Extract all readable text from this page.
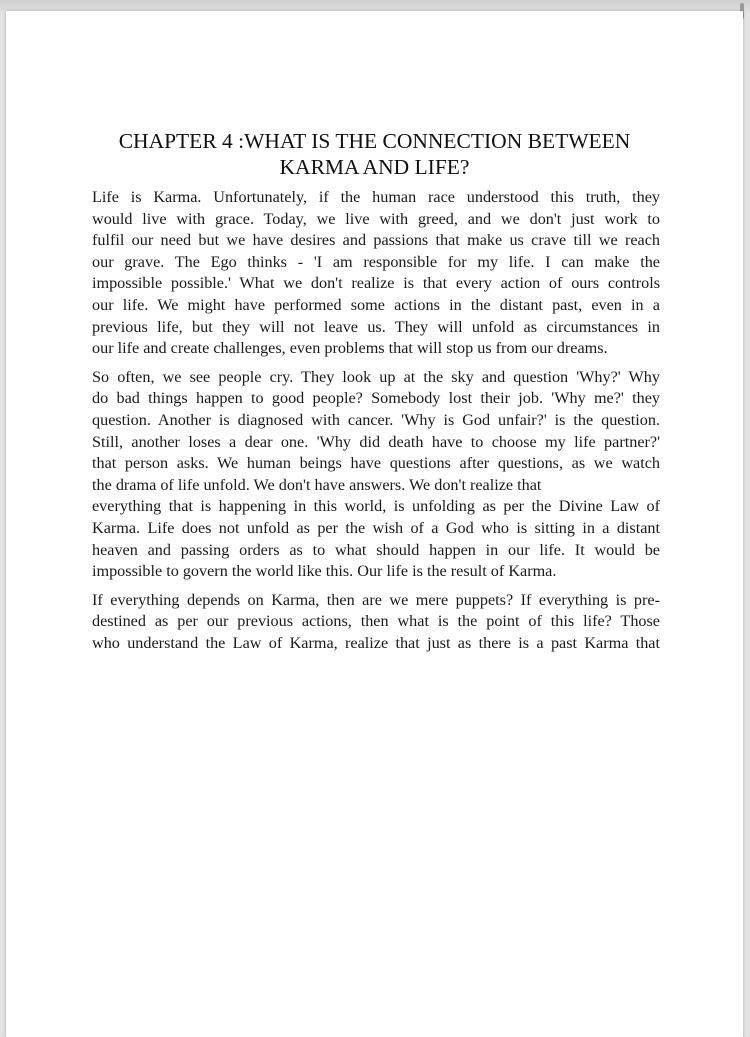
CHAPTER 4 :WHAT IS THE CONNECTION BETWEEN
KARMA AND LIFE?

Life is Karma. Unfortunately, if the human race understood this truth, they
would live with grace. Today, we live with greed, and we don't just work to
fulfil our need but we have desires and passions that make us crave till we reach
our grave. The Ego thinks - 'I am responsible for my life. I can make the
impossible possible.' What we don't realize is that every action of ours controls
our life. We might have performed some actions in the distant past, even in a
previous life, but they will not leave us. They will unfold as circumstances in
our life and create challenges, even problems that will stop us from our dreams.

So often, we see people cry. They look up at the sky and question 'Why?' Why
do bad things happen to good people? Somebody lost their job. 'Why me?' they
question. Another is diagnosed with cancer. 'Why is God unfair?' is the question.
Still, another loses a dear one. 'Why did death have to choose my life partner?'
that person asks. We human beings have questions after questions, as we watch
the drama of life unfold. We don't have answers. We don't realize that
everything that is happening in this world, is unfolding as per the Divine Law of
Karma. Life does not unfold as per the wish of a God who is sitting in a distant
heaven and passing orders as to what should happen in our life. It would be
impossible to govern the world like this. Our life is the result of Karma.

If everything depends on Karma, then are we mere puppets? If everything is pre-
destined as per our previous actions, then what is the point of this life? Those
who understand the Law of Karma, realize that just as there is a past Karma that
